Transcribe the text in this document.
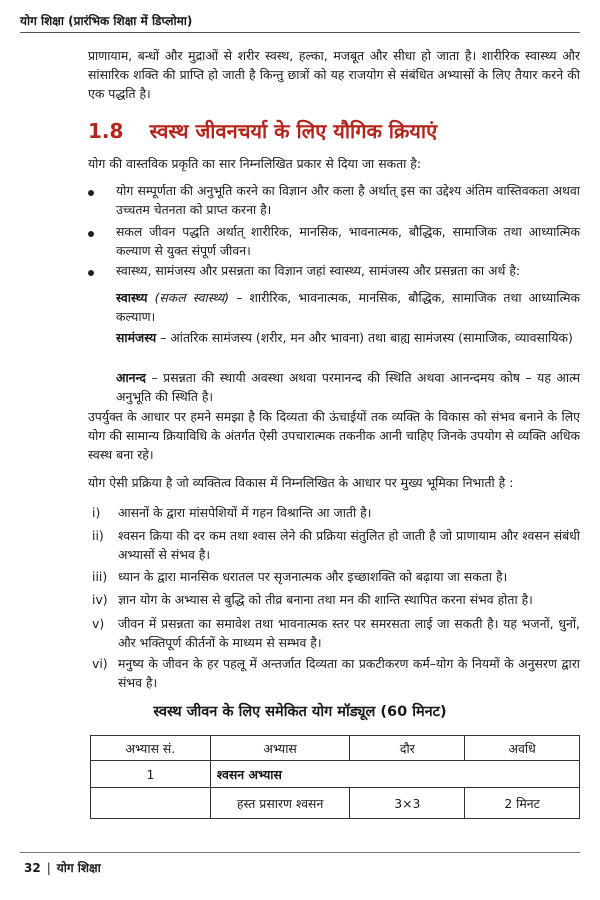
योग शिक्षा (प्रारंभिक शिक्षा में डिप्लोमा)

प्राणायाम, बन्धों और मुद्राओं से शरीर स्वस्थ, हल्का, मजबूत और सीधा हो जाता है। शारीरिक स्वास्थ्य और सांसारिक शक्ति की प्राप्ति हो जाती है किन्तु छात्रों को यह राजयोग से संबंधित अभ्यासों के लिए तैयार करने की एक पद्धति है।

1.8 स्वस्थ जीवनचर्या के लिए यौगिक क्रियाएं

योग की वास्तविक प्रकृति का सार निम्नलिखित प्रकार से दिया जा सकता है:

योग सम्पूर्णता की अनुभूति करने का विज्ञान और कला है अर्थात् इस का उद्देश्य अंतिम वास्तिवकता अथवा उच्चतम चेतनता को प्राप्त करना है।

सकल जीवन पद्धति अर्थात् शारीरिक, मानसिक, भावनात्मक, बौद्धिक, सामाजिक तथा आध्यात्मिक कल्याण से युक्त संपूर्ण जीवन।

स्वास्थ्य, सामंजस्य और प्रसन्नता का विज्ञान जहां स्वास्थ्य, सामंजस्य और प्रसन्नता का अर्थ है:

स्वास्थ्य (सकल स्वास्थ्य) – शारीरिक, भावनात्मक, मानसिक, बौद्धिक, सामाजिक तथा आध्यात्मिक कल्याण।

सामंजस्य – आंतरिक सामंजस्य (शरीर, मन और भावना) तथा बाह्य सामंजस्य (सामाजिक, व्यावसायिक)

आनन्द – प्रसन्नता की स्थायी अवस्था अथवा परमानन्द की स्थिति अथवा आनन्दमय कोष – यह आत्म अनुभूति की स्थिति है।

उपर्युक्त के आधार पर हमने समझा है कि दिव्यता की ऊंचाईयों तक व्यक्ति के विकास को संभव बनाने के लिए योग की सामान्य क्रियाविधि के अंतर्गत ऐसी उपचारात्मक तकनीक आनी चाहिए जिनके उपयोग से व्यक्ति अधिक स्वस्थ बना रहे।

योग ऐसी प्रक्रिया है जो व्यक्तित्व विकास में निम्नलिखित के आधार पर मुख्य भूमिका निभाती है :

i) आसनों के द्वारा मांसपेशियों में गहन विश्रान्ति आ जाती है।

ii) श्वसन क्रिया की दर कम तथा श्वास लेने की प्रक्रिया संतुलित हो जाती है जो प्राणायाम और श्वसन संबंधी अभ्यासों से संभव है।

iii) ध्यान के द्वारा मानसिक धरातल पर सृजनात्मक और इच्छाशक्ति को बढ़ाया जा सकता है।

iv) ज्ञान योग के अभ्यास से बुद्धि को तीव्र बनाना तथा मन की शान्ति स्थापित करना संभव होता है।

v) जीवन में प्रसन्नता का समावेश तथा भावनात्मक स्तर पर समरसता लाई जा सकती है। यह भजनों, धुनों, और भक्तिपूर्ण कीर्तनों के माध्यम से सम्भव है।

vi) मनुष्य के जीवन के हर पहलू में अन्तर्जात दिव्यता का प्रकटीकरण कर्म–योग के नियमों के अनुसरण द्वारा संभव है।

स्वस्थ जीवन के लिए समेकित योग मॉड्यूल (60 मिनट)
अभ्यास सं.	अभ्यास	दौर	अवधि
1	श्वसन अभ्यास		
	हस्त प्रसारण श्वसन	3×3	2 मिनट
32 | योग शिक्षा
